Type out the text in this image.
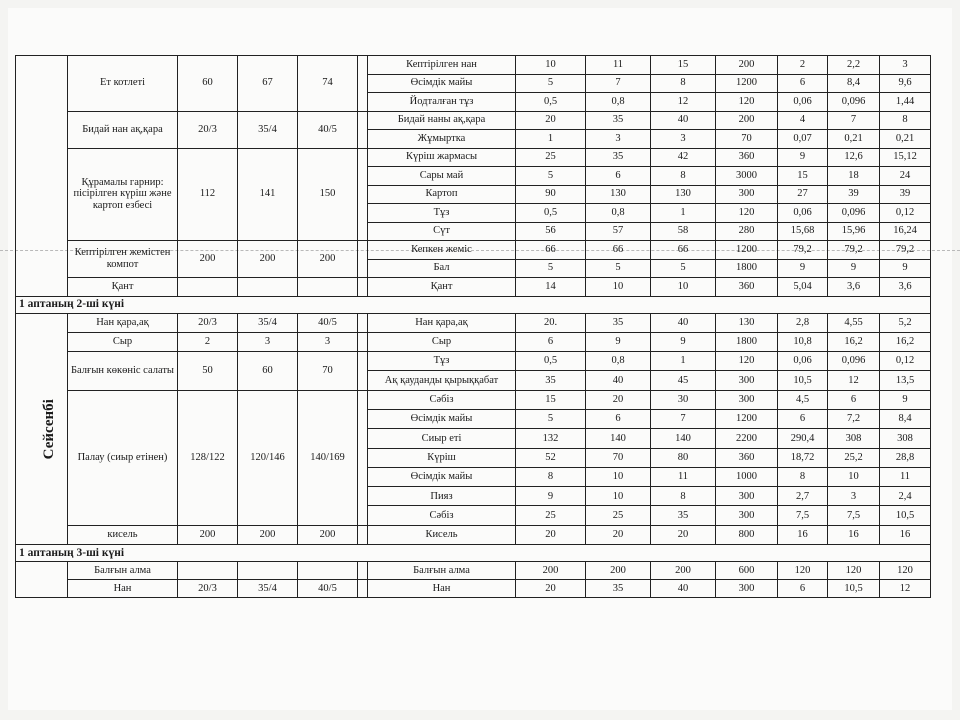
	Ет котлеті	60	67	74		Кептірілген нан	10	11	15	200	2	2,2	3
						Өсімдік майы	5	7	8	1200	6	8,4	9,6
						Йодталған тұз	0,5	0,8	12	120	0,06	0,096	1,44
	Бидай нан ақ,қара	20/3	35/4	40/5		Бидай наны ақ,қара	20	35	40	200	4	7	8
						Жұмыртка	1	3	3	70	0,07	0,21	0,21
	Құрамалы гарнир: пісірілген күріш және картоп езбесі	112	141	150		Күріш жармасы	25	35	42	360	9	12,6	15,12
						Сары май	5	6	8	3000	15	18	24
						Картоп	90	130	130	300	27	39	39
						Тұз	0,5	0,8	1	120	0,06	0,096	0,12
						Сүт	56	57	58	280	15,68	15,96	16,24
	Кептірілген жемістен компот	200	200	200		Кепкен жеміс	66	66	66	1200	79,2	79,2	79,2
						Бал	5	5	5	1800	9	9	9
	Қант					Қант	14	10	10	360	5,04	3,6	3,6
1 аптаның 2-ші күні													
Сейсенбі	Нан қара,ақ	20/3	35/4	40/5		Нан қара,ақ	20.	35	40	130	2,8	4,55	5,2
	Сыр	2	3	3		Сыр	6	9	9	1800	10,8	16,2	16,2
	Балғын көкөніс салаты	50	60	70		Тұз	0,5	0,8	1	120	0,06	0,096	0,12
						Ақ қауданды қырыққабат	35	40	45	300	10,5	12	13,5
	Палау (сиыр етінен)	128/122	120/146	140/169		Сәбіз	15	20	30	300	4,5	6	9
						Өсімдік майы	5	6	7	1200	6	7,2	8,4
						Сиыр еті	132	140	140	2200	290,4	308	308
						Күріш	52	70	80	360	18,72	25,2	28,8
						Өсімдік майы	8	10	11	1000	8	10	11
						Пияз	9	10	8	300	2,7	3	2,4
						Сәбіз	25	25	35	300	7,5	7,5	10,5
	кисель	200	200	200		Кисель	20	20	20	800	16	16	16
1 аптаның 3-ші күні													
	Балғын алма					Балғын алма	200	200	200	600	120	120	120
	Нан	20/3	35/4	40/5		Нан	20	35	40	300	6	10,5	12
